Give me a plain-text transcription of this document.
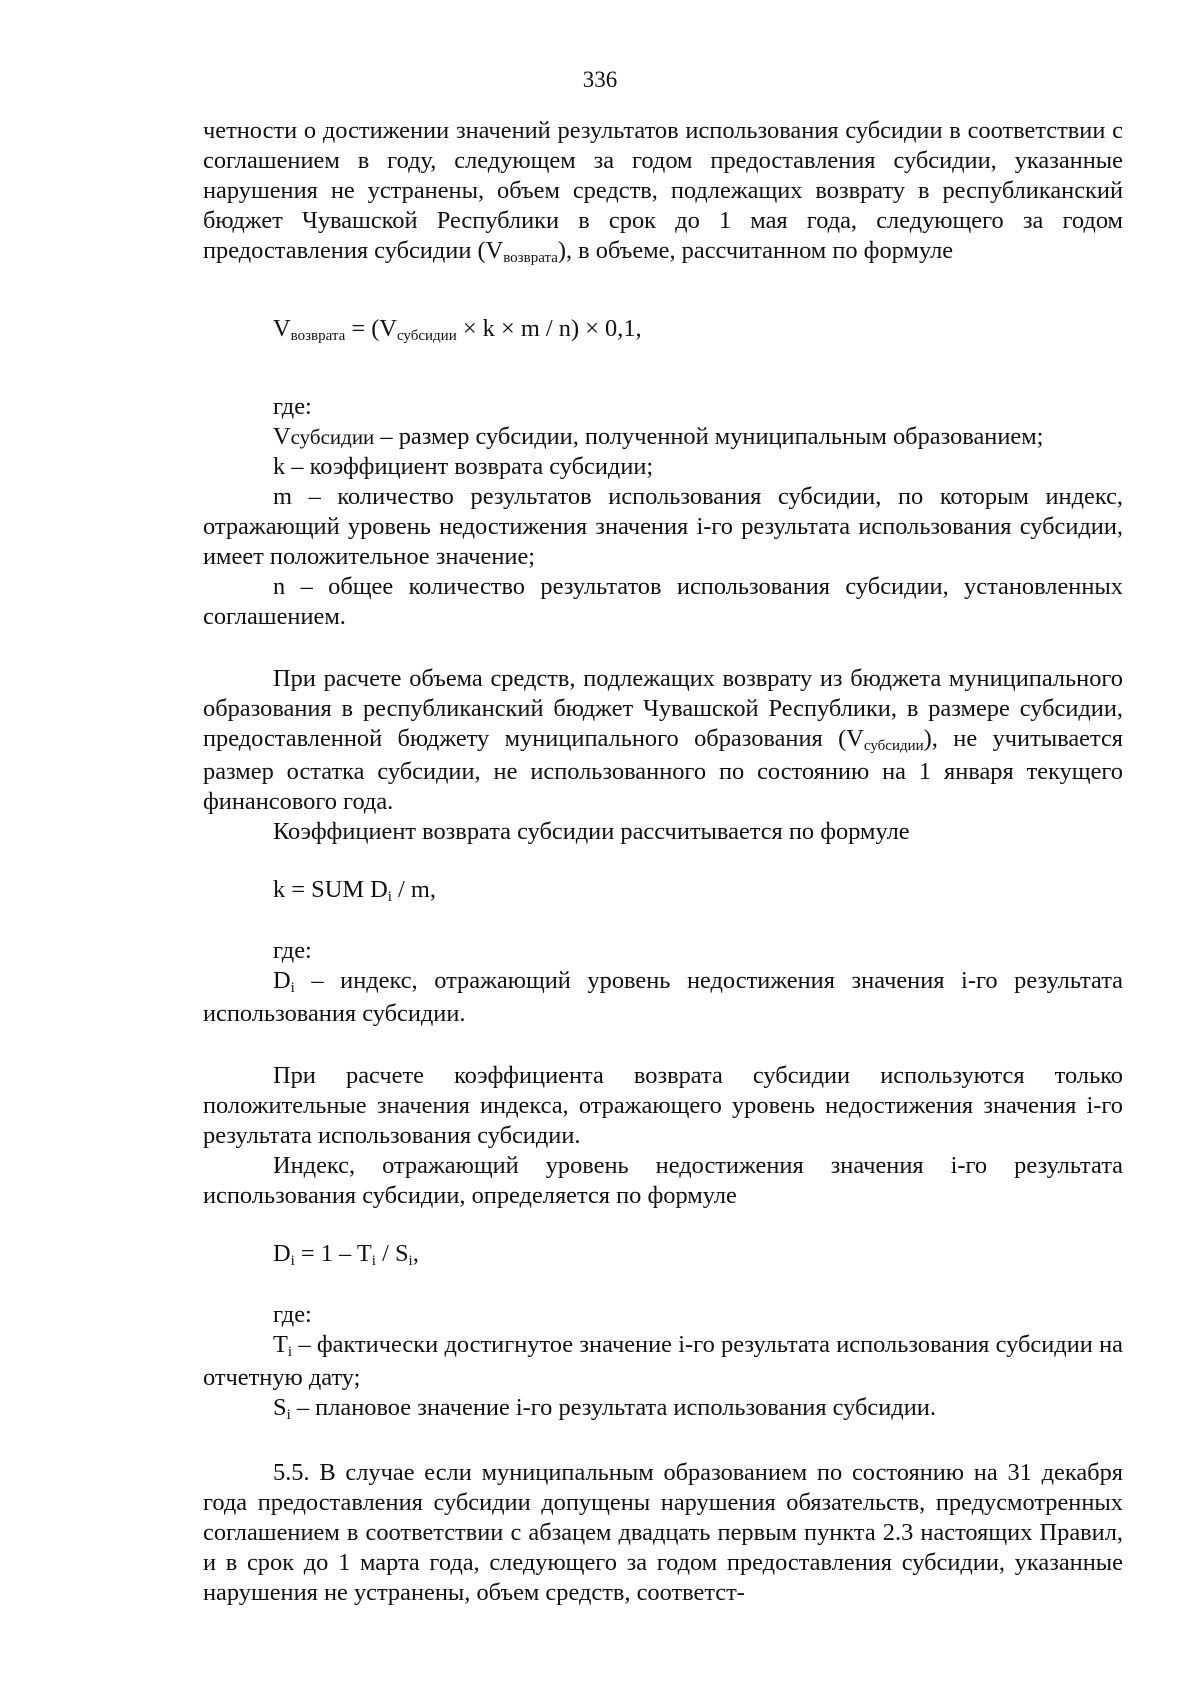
336

четности о достижении значений результатов использования субсидии в соответствии с соглашением в году, следующем за годом предоставления субсидии, указанные нарушения не устранены, объем средств, подлежащих возврату в республиканский бюджет Чувашской Республики в срок до 1 мая года, следующего за годом предоставления субсидии $(V_{возврата})$, в объеме, рассчитанном по формуле

$V_{возврата} = (V_{субсидии} \times k \times m / n) \times 0,1$,

где:

Vсубсидии – размер субсидии, полученной муниципальным образованием;

k – коэффициент возврата субсидии;

m – количество результатов использования субсидии, по которым индекс, отражающий уровень недостижения значения i-го результата использования субсидии, имеет положительное значение;

n – общее количество результатов использования субсидии, установленных соглашением.

При расчете объема средств, подлежащих возврату из бюджета муниципального образования в республиканский бюджет Чувашской Республики, в размере субсидии, предоставленной бюджету муниципального образования $(V_{субсидии})$, не учитывается размер остатка субсидии, не использованного по состоянию на 1 января текущего финансового года.

Коэффициент возврата субсидии рассчитывается по формуле

k = SUM $D_i$ / m,

где:

$D_i$ – индекс, отражающий уровень недостижения значения i-го результата использования субсидии.

При расчете коэффициента возврата субсидии используются только положительные значения индекса, отражающего уровень недостижения значения i-го результата использования субсидии.

Индекс, отражающий уровень недостижения значения i-го результата использования субсидии, определяется по формуле

$D_i = 1 - T_i / S_i$,

где:

$T_i$ – фактически достигнутое значение i-го результата использования субсидии на отчетную дату;

$S_i$ – плановое значение i-го результата использования субсидии.

5.5. В случае если муниципальным образованием по состоянию на 31 декабря года предоставления субсидии допущены нарушения обязательств, предусмотренных соглашением в соответствии с абзацем двадцать первым пункта 2.3 настоящих Правил, и в срок до 1 марта года, следующего за годом предоставления субсидии, указанные нарушения не устранены, объем средств, соответст-
